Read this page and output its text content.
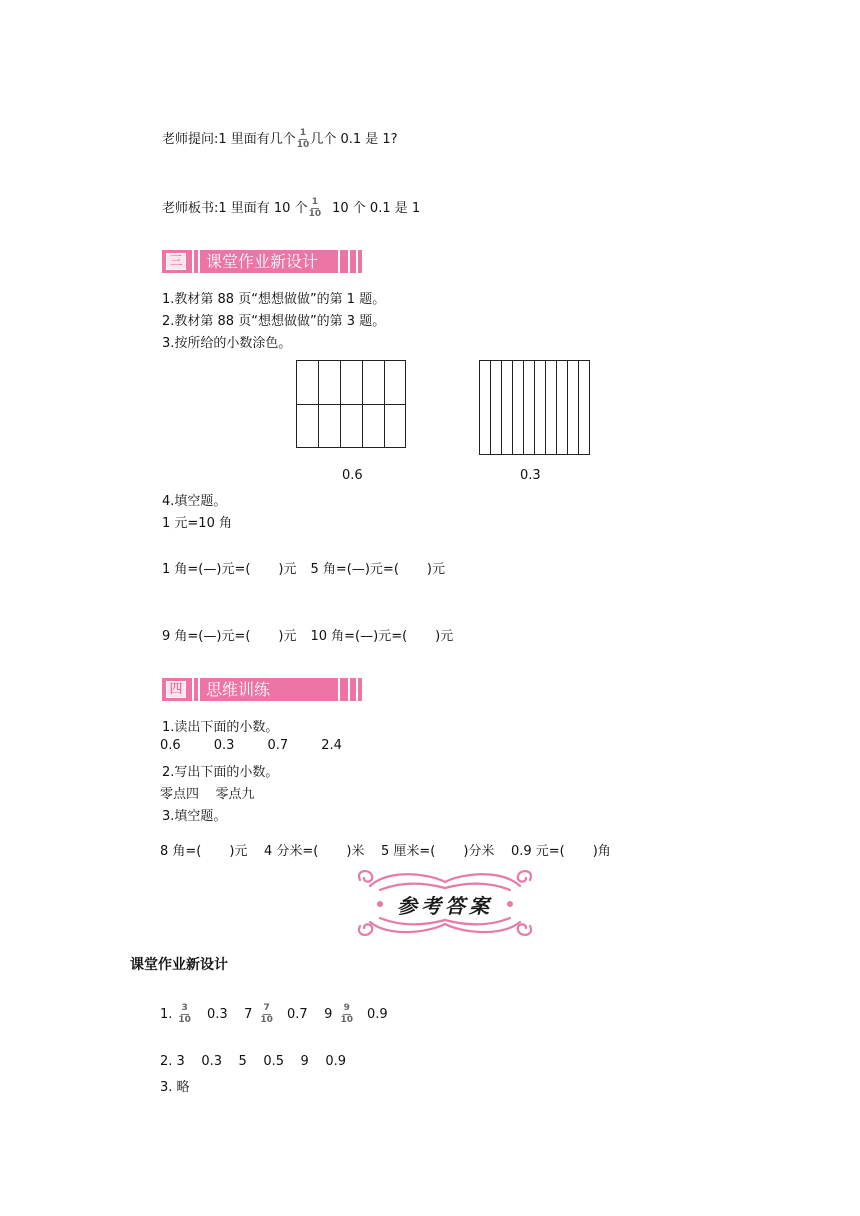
老师提问:1 里面有几个 $\frac{1}{10}$ 几个 0.1 是 1?
老师板书:1 里面有 10 个 $\frac{1}{10} 10$ 个 0.1 是 1
三 课堂作业新设计
1.教材第 88 页“想想做做”的第 1 题。
2.教材第 88 页“想想做做”的第 3 题。
3.按所给的小数涂色。
0.6	0.3
4.填空题。
1 元=10 角
1 角=(—)元=( )元 5 角=(—)元=( )元
9 角=(—)元=( )元 10 角=(—)元=( )元
四 思维训练
1.读出下面的小数。
0.6        0.3        0.7        2.4
2.写出下面的小数。
零点四    零点九
3.填空题。
8 角=( )元    4 分米=( )米    5 厘米=( )分米    0.9 元=( )角
参考答案
课堂作业新设计
1. $\frac{3}{10} 0.3$    $7 \frac{7}{10} 0.7$    $9 \frac{9}{10} 0.9$
2. 3    0.3    5    0.5    9    0.9
3. 略
